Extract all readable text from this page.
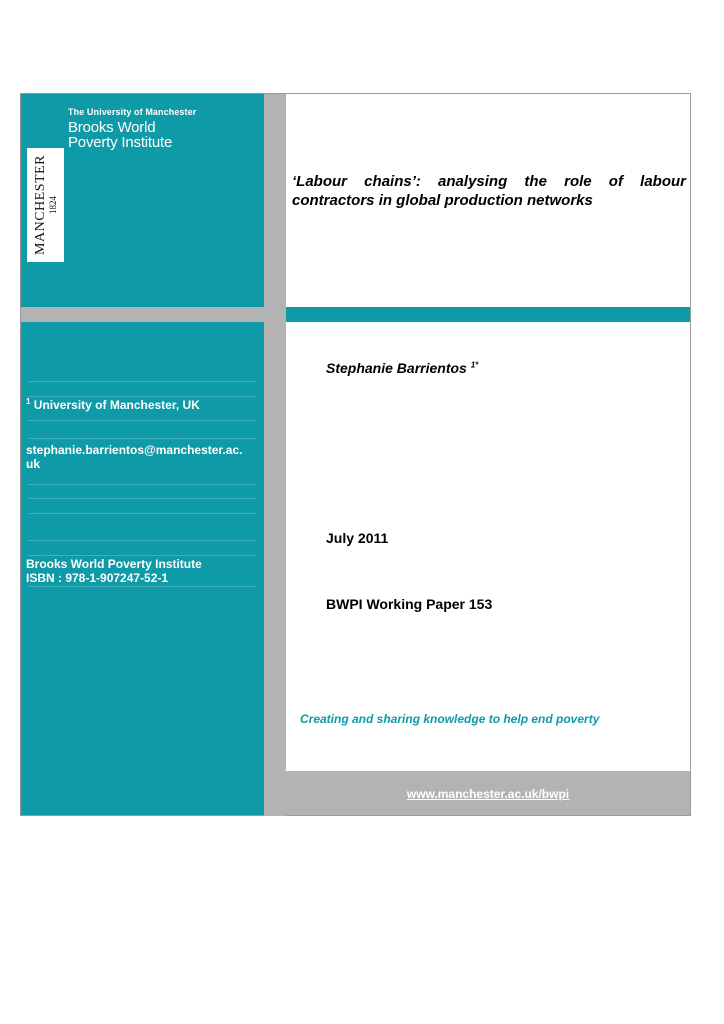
The University of Manchester
Brooks World
Poverty Institute
MANCHESTER 1824
$^1$ University of Manchester, UK
stephanie.barrientos@manchester.ac.
uk
Brooks World Poverty Institute
ISBN : 978-1-907247-52-1
‘Labour chains’: analysing the role of labour contractors in global production networks
Stephanie Barrientos $^{1*}$
July 2011
BWPI Working Paper 153
Creating and sharing knowledge to help end poverty
www.manchester.ac.uk/bwpi
